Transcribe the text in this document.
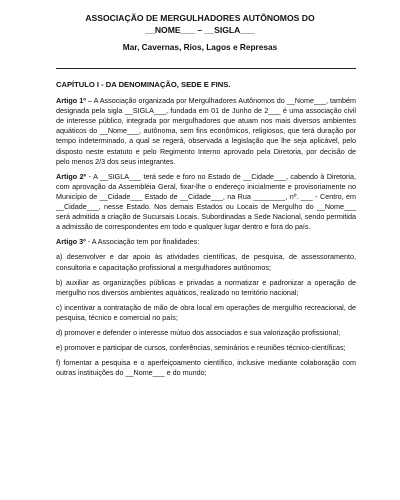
ASSOCIAÇÃO DE MERGULHADORES AUTÔNOMOS DO __NOME___ – __SIGLA___
Mar, Cavernas, Rios, Lagos e Represas
CAPÍTULO I - DA DENOMINAÇÃO, SEDE E FINS.

Artigo 1º – A Associação organizada por Mergulhadores Autônomos do __Nome___, também designada pela sigla __SIGLA___, fundada em 01 de Junho de 2___ é uma associação civil de interesse público, integrada por mergulhadores que atuam nos mais diversos ambientes aquáticos do __Nome___, autônoma, sem fins econômicos, religiosos, que terá duração por tempo indeterminado, a qual se regerá, observada a legislação que lhe seja aplicável, pelo disposto neste estatuto e pelo Regimento Interno aprovado pela Diretoria, por decisão de pelo menos 2/3 dos seus integrantes.

Artigo 2º - A __SIGLA___ terá sede e foro no Estado de __Cidade___, cabendo à Diretoria, com aprovação da Assembléia Geral, fixar-lhe o endereço inicialmente e provisoriamente no Município de __Cidade___ Estado de __Cidade___, na Rua ________, nº. ___ - Centro, em __Cidade___, nesse Estado. Nos demais Estados ou Locais de Mergulho do __Nome___ será admitida a criação de Sucursais Locais. Subordinadas a Sede Nacional, sendo permitida a admissão de correspondentes em todo e qualquer lugar dentro e fora do país.

Artigo 3º - A Associação tem por finalidades:

a) desenvolver e dar apoio às atividades científicas, de pesquisa, de assessoramento, consultoria e capacitação profissional a mergulhadores autônomos;
b) auxiliar as organizações públicas e privadas a normatizar e padronizar a operação de mergulho nos diversos ambientes aquáticos, realizado no território nacional;
c) incentivar a contratação de mão de obra local em operações de mergulho recreacional, de pesquisa, técnico e comercial no país;
d) promover e defender o interesse mútuo dos associados e sua valorização profissional;
e) promover e participar de cursos, conferências, seminários e reuniões técnico-científicas;
f) fomentar a pesquisa e o aperfeiçoamento científico, inclusive mediante colaboração com outras instituições do __Nome___ e do mundo;
